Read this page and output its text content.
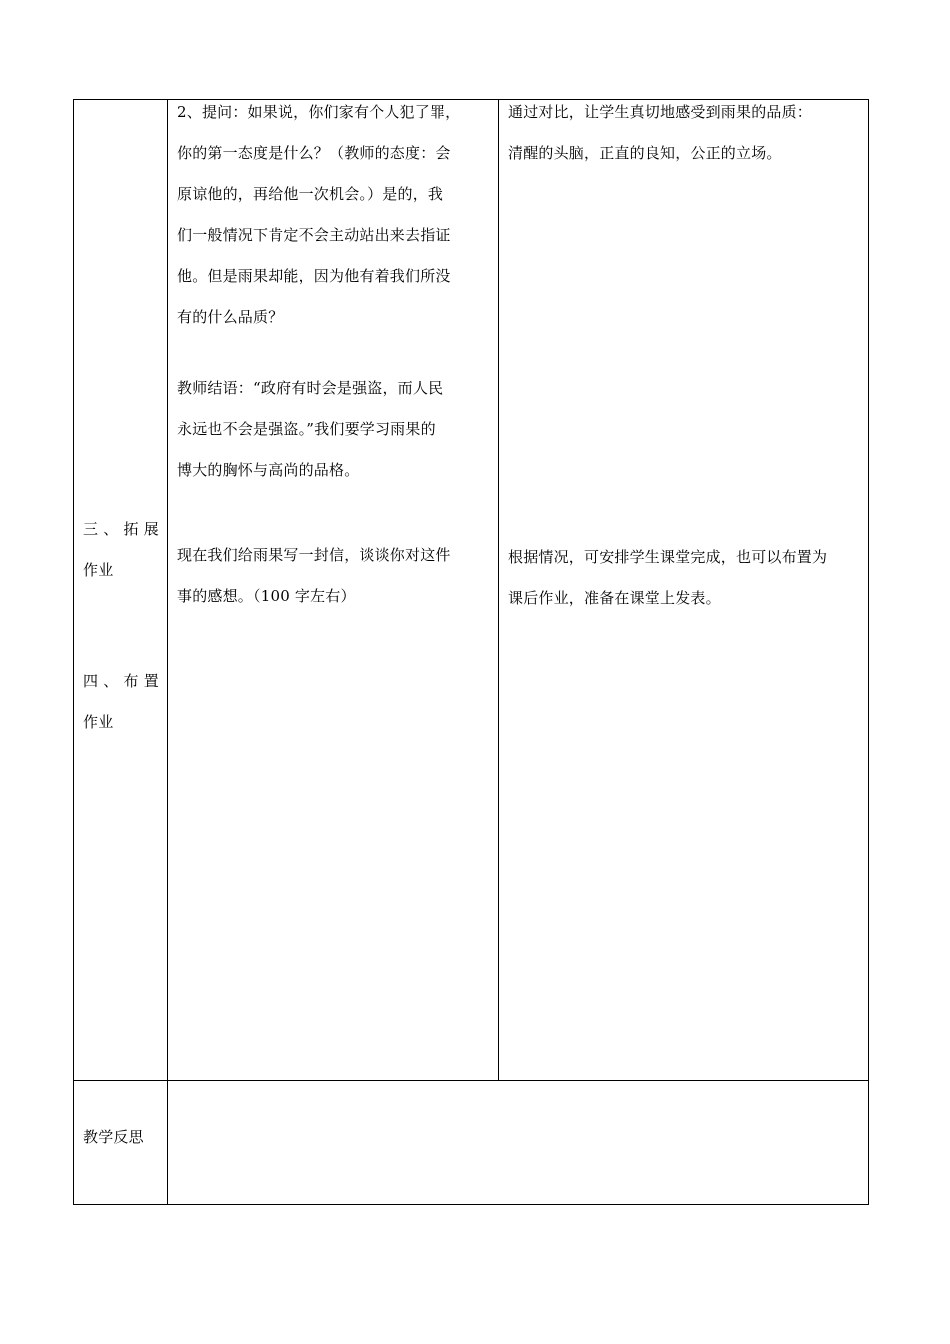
三 、 拓 展
作业
四 、 布 置
作业
2、提问：如果说，你们家有个人犯了罪，
你的第一态度是什么？（教师的态度：会
原谅他的，再给他一次机会。）是的，我
们一般情况下肯定不会主动站出来去指证
他。但是雨果却能，因为他有着我们所没
有的什么品质？
教师结语：“政府有时会是强盗，而人民
永远也不会是强盗。”我们要学习雨果的
博大的胸怀与高尚的品格。
现在我们给雨果写一封信，谈谈你对这件
事的感想。（100 字左右）
通过对比，让学生真切地感受到雨果的品质：
清醒的头脑，正直的良知，公正的立场。
根据情况，可安排学生课堂完成，也可以布置为
课后作业，准备在课堂上发表。
教学反思
